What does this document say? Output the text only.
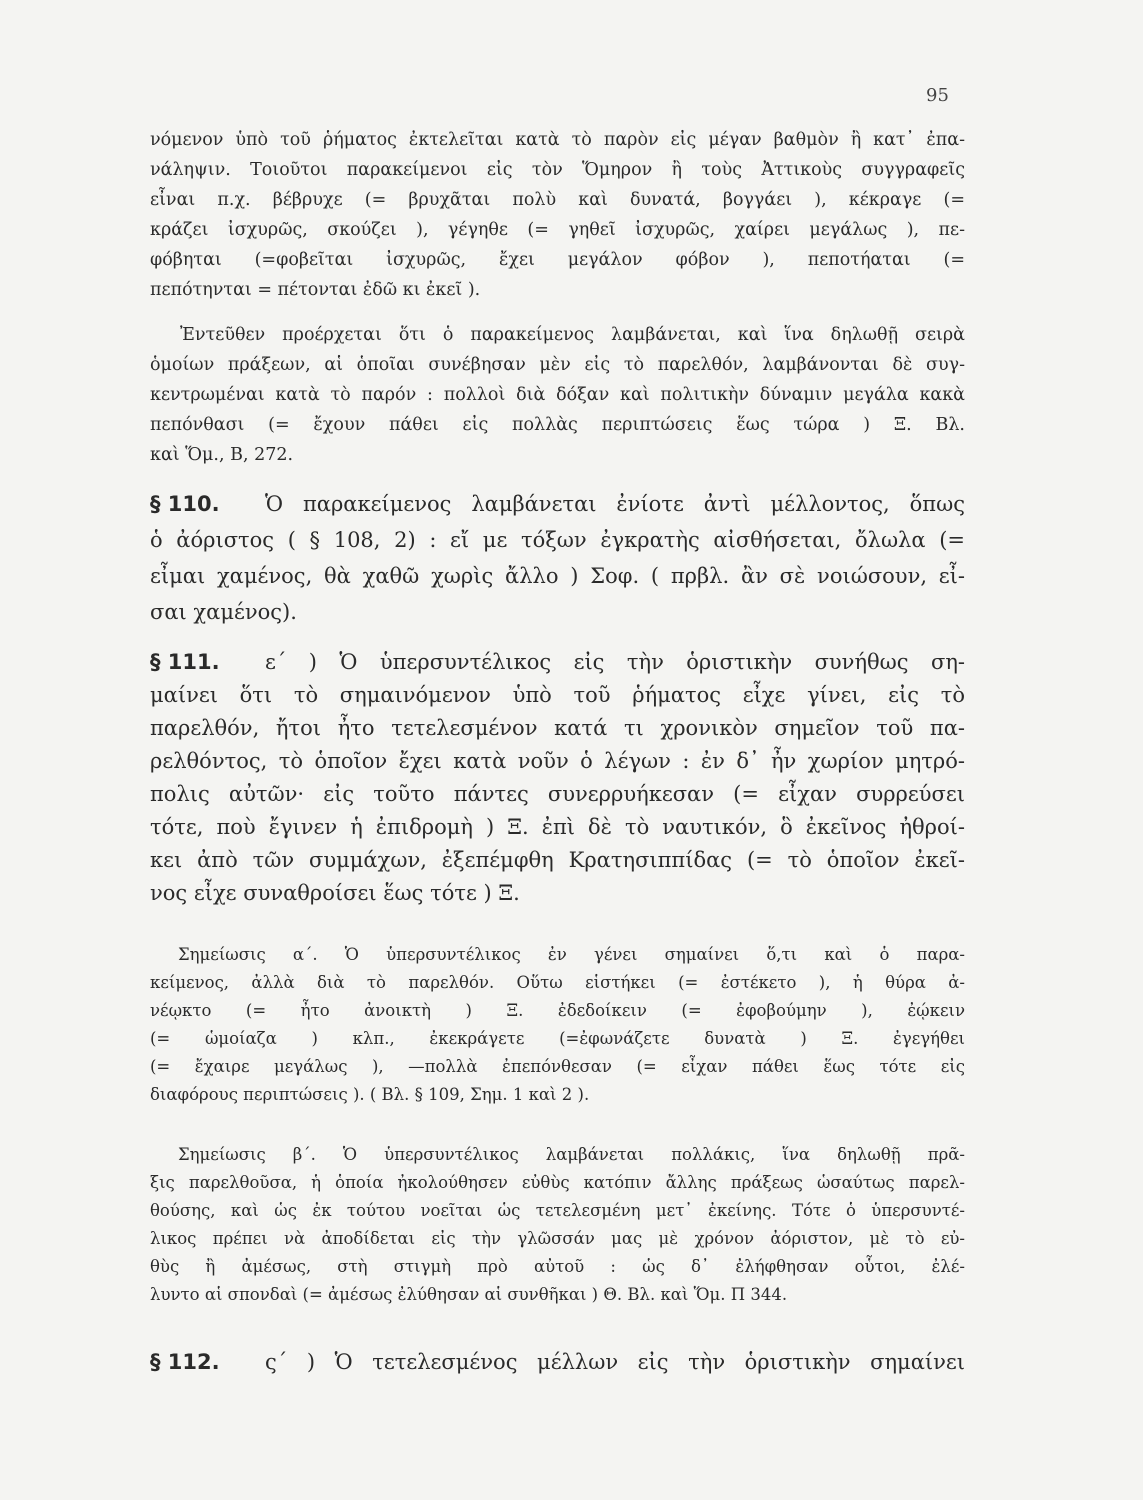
95
νόμενον ὑπὸ τοῦ ῥήματος ἐκτελεῖται κατὰ τὸ παρὸν εἰς μέγαν βαθμὸν ἢ κατ᾽ ἐπα-
νάληψιν. Τοιοῦτοι παρακείμενοι εἰς τὸν Ὅμηρον ἢ τοὺς Ἀττικοὺς συγγραφεῖς
εἶναι π.χ. βέβρυχε (= βρυχᾶται πολὺ καὶ δυνατά, βογγάει ), κέκραγε (=
κράζει ἰσχυρῶς, σκούζει ), γέγηθε (= γηθεῖ ἰσχυρῶς, χαίρει μεγάλως ), πε-
φόβηται (=φοβεῖται ἰσχυρῶς, ἔχει μεγάλον φόβον ), πεποτήαται (=
πεπότηνται = πέτονται ἐδῶ κι ἐκεῖ ).
Ἐντεῦθεν προέρχεται ὅτι ὁ παρακείμενος λαμβάνεται, καὶ ἵνα δηλωθῇ σειρὰ
ὁμοίων πράξεων, αἱ ὁποῖαι συνέβησαν μὲν εἰς τὸ παρελθόν, λαμβάνονται δὲ συγ-
κεντρωμέναι κατὰ τὸ παρόν : πολλοὶ διὰ δόξαν καὶ πολιτικὴν δύναμιν μεγάλα κακὰ
πεπόνθασι (= ἔχουν πάθει εἰς πολλὰς περιπτώσεις ἕως τώρα ) Ξ. Βλ.
καὶ Ὅμ., Β, 272.
§ 110. Ὁ παρακείμενος λαμβάνεται ἐνίοτε ἀντὶ μέλλοντος, ὅπως
ὁ ἀόριστος ( § 108, 2) : εἴ με τόξων ἐγκρατὴς αἰσθήσεται, ὄλωλα (=
εἶμαι χαμένος, θὰ χαθῶ χωρὶς ἄλλο ) Σοφ. ( πρβλ. ἂν σὲ νοιώσουν, εἶ-
σαι χαμένος).
§ 111. ε΄ ) Ὁ ὑπερσυντέλικος εἰς τὴν ὁριστικὴν συνήθως ση-
μαίνει ὅτι τὸ σημαινόμενον ὑπὸ τοῦ ῥήματος εἶχε γίνει, εἰς τὸ
παρελθόν, ἤτοι ἦτο τετελεσμένον κατά τι χρονικὸν σημεῖον τοῦ πα-
ρελθόντος, τὸ ὁποῖον ἔχει κατὰ νοῦν ὁ λέγων : ἐν δ᾽ ἦν χωρίον μητρό-
πολις αὐτῶν· εἰς τοῦτο πάντες συνερρυήκεσαν (= εἶχαν συρρεύσει
τότε, ποὺ ἔγινεν ἡ ἐπιδρομὴ ) Ξ. ἐπὶ δὲ τὸ ναυτικόν, ὃ ἐκεῖνος ἠθροί-
κει ἀπὸ τῶν συμμάχων, ἐξεπέμφθη Κρατησιππίδας (= τὸ ὁποῖον ἐκεῖ-
νος εἶχε συναθροίσει ἕως τότε ) Ξ.
Σημείωσις α΄. Ὁ ὑπερσυντέλικος ἐν γένει σημαίνει ὅ,τι καὶ ὁ παρα-
κείμενος, ἀλλὰ διὰ τὸ παρελθόν. Οὕτω εἱστήκει (= ἐστέκετο ), ἡ θύρα ἀ-
νέῳκτο (= ἦτο ἀνοικτὴ ) Ξ. ἐδεδοίκειν (= ἐφοβούμην ), ἐῴκειν
(= ὡμοίαζα ) κλπ., ἐκεκράγετε (=ἐφωνάζετε δυνατὰ ) Ξ. ἐγεγήθει
(= ἔχαιρε μεγάλως ), —πολλὰ ἐπεπόνθεσαν (= εἶχαν πάθει ἕως τότε εἰς
διαφόρους περιπτώσεις ). ( Βλ. § 109, Σημ. 1 καὶ 2 ).
Σημείωσις β΄. Ὁ ὑπερσυντέλικος λαμβάνεται πολλάκις, ἵνα δηλωθῇ πρᾶ-
ξις παρελθοῦσα, ἡ ὁποία ἠκολούθησεν εὐθὺς κατόπιν ἄλλης πράξεως ὡσαύτως παρελ-
θούσης, καὶ ὡς ἐκ τούτου νοεῖται ὡς τετελεσμένη μετ᾽ ἐκείνης. Τότε ὁ ὑπερσυντέ-
λικος πρέπει νὰ ἀποδίδεται εἰς τὴν γλῶσσάν μας μὲ χρόνον ἀόριστον, μὲ τὸ εὐ-
θὺς ἢ ἀμέσως, στὴ στιγμὴ πρὸ αὐτοῦ : ὡς δ᾽ ἐλήφθησαν οὗτοι, ἐλέ-
λυντο αἱ σπονδαὶ (= ἀμέσως ἐλύθησαν αἱ συνθῆκαι ) Θ. Βλ. καὶ Ὅμ. Π 344.
§ 112. ς΄ ) Ὁ τετελεσμένος μέλλων εἰς τὴν ὁριστικὴν σημαίνει
